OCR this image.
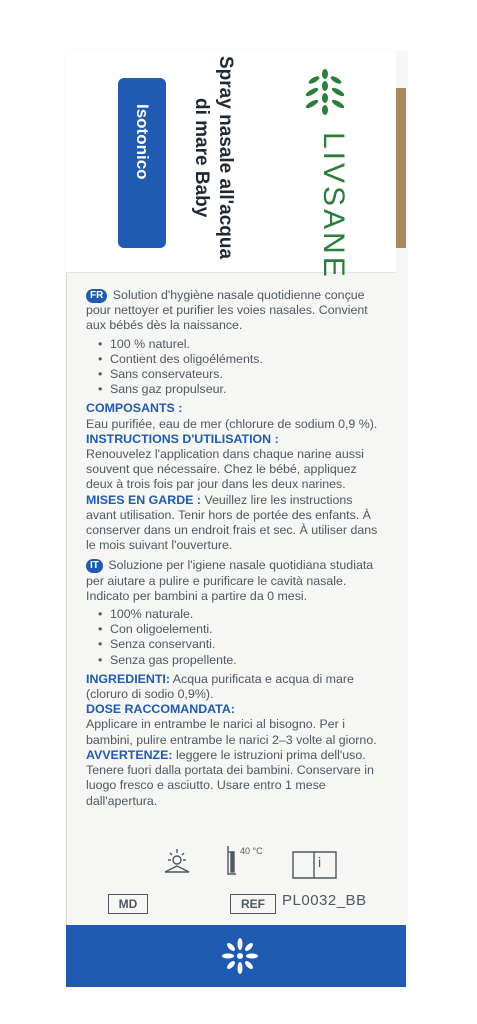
LIVSANE
Spray nasale all'acqua
di mare Baby
Isotonico

FR Solution d'hygiène nasale quotidienne conçue pour nettoyer et purifier les voies nasales. Convient aux bébés dès la naissance.

• 100 % naturel.
• Contient des oligoéléments.
• Sans conservateurs.
• Sans gaz propulseur.

COMPOSANTS :

Eau purifiée, eau de mer (chlorure de sodium 0,9 %).

INSTRUCTIONS D'UTILISATION :

Renouvelez l'application dans chaque narine aussi souvent que nécessaire. Chez le bébé, appliquez deux à trois fois par jour dans les deux narines.

MISES EN GARDE : Veuillez lire les instructions avant utilisation. Tenir hors de portée des enfants. À conserver dans un endroit frais et sec. À utiliser dans le mois suivant l'ouverture.

IT Soluzione per l'igiene nasale quotidiana studiata per aiutare a pulire e purificare le cavità nasale. Indicato per bambini a partire da 0 mesi.

• 100% naturale.
• Con oligoelementi.
• Senza conservanti.
• Senza gas propellente.

INGREDIENTI: Acqua purificata e acqua di mare (cloruro di sodio 0,9%).

DOSE RACCOMANDATA:

Applicare in entrambe le narici al bisogno. Per i bambini, pulire entrambe le narici 2–3 volte al giorno.

AVVERTENZE: leggere le istruzioni prima dell'uso. Tenere fuori dalla portata dei bambini. Conservare in luogo fresco e asciutto. Usare entro 1 mese dall'apertura.

40 °C
i
MD	REF	PL0032_BB
